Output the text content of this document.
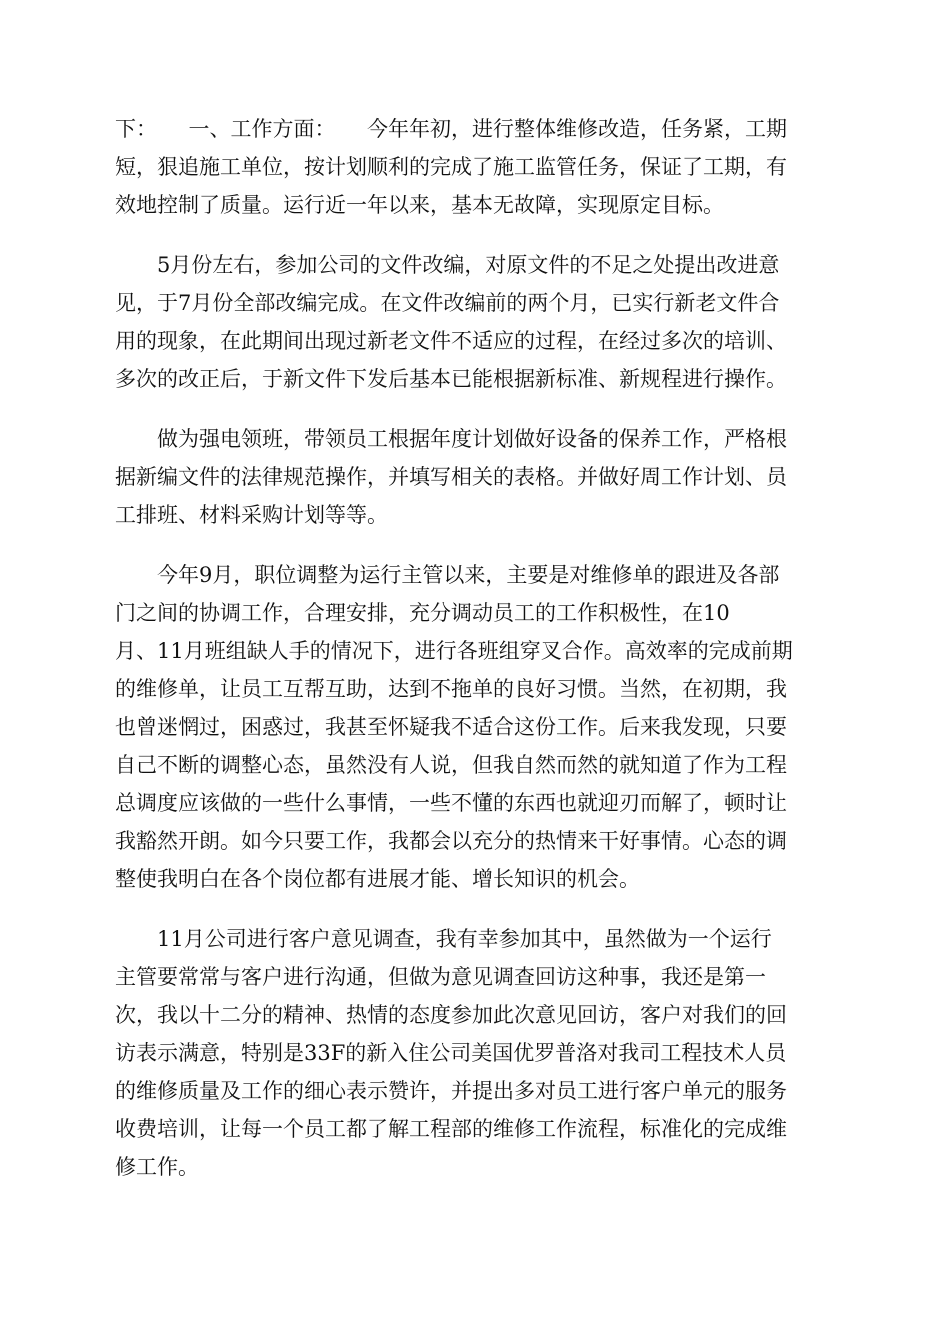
下：　　一、工作方面：　　今年年初，进行整体维修改造，任务紧，工期
短，狠追施工单位，按计划顺利的完成了施工监管任务，保证了工期，有
效地控制了质量。运行近一年以来，基本无故障，实现原定目标。
　　5月份左右，参加公司的文件改编，对原文件的不足之处提出改进意
见，于7月份全部改编完成。在文件改编前的两个月，已实行新老文件合
用的现象，在此期间出现过新老文件不适应的过程，在经过多次的培训、
多次的改正后，于新文件下发后基本已能根据新标准、新规程进行操作。
　　做为强电领班，带领员工根据年度计划做好设备的保养工作，严格根
据新编文件的法律规范操作，并填写相关的表格。并做好周工作计划、员
工排班、材料采购计划等等。
　　今年9月，职位调整为运行主管以来，主要是对维修单的跟进及各部
门之间的协调工作，合理安排，充分调动员工的工作积极性，在10
月、11月班组缺人手的情况下，进行各班组穿叉合作。高效率的完成前期
的维修单，让员工互帮互助，达到不拖单的良好习惯。当然，在初期，我
也曾迷惘过，困惑过，我甚至怀疑我不适合这份工作。后来我发现，只要
自己不断的调整心态，虽然没有人说，但我自然而然的就知道了作为工程
总调度应该做的一些什么事情，一些不懂的东西也就迎刃而解了，顿时让
我豁然开朗。如今只要工作，我都会以充分的热情来干好事情。心态的调
整使我明白在各个岗位都有进展才能、增长知识的机会。
　　11月公司进行客户意见调查，我有幸参加其中，虽然做为一个运行
主管要常常与客户进行沟通，但做为意见调查回访这种事，我还是第一
次，我以十二分的精神、热情的态度参加此次意见回访，客户对我们的回
访表示满意，特别是33F的新入住公司美国优罗普洛对我司工程技术人员
的维修质量及工作的细心表示赞许，并提出多对员工进行客户单元的服务
收费培训，让每一个员工都了解工程部的维修工作流程，标准化的完成维
修工作。
